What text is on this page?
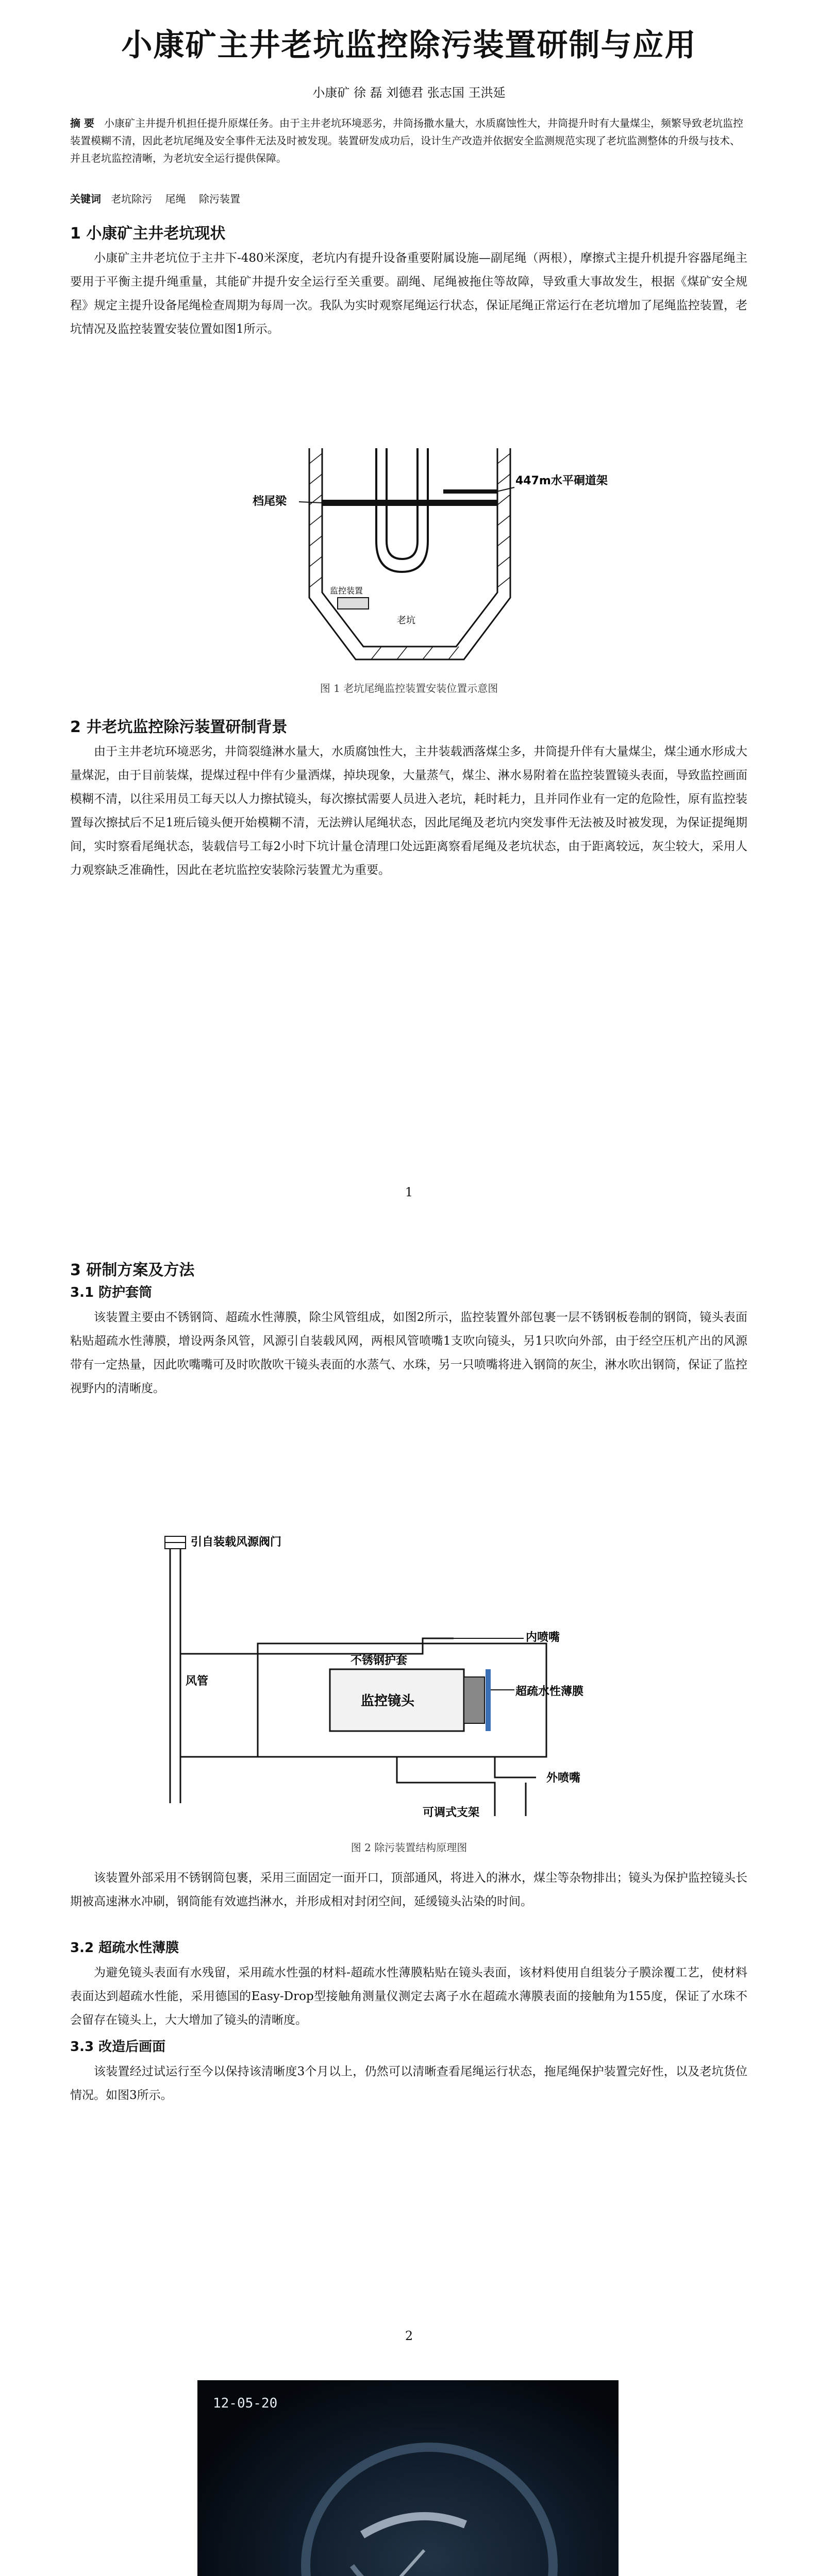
小康矿主井老坑监控除污装置研制与应用
小康矿 徐 磊 刘德君 张志国 王洪延
摘 要 小康矿主井提升机担任提升原煤任务。由于主井老坑环境恶劣，井筒扬撒水量大，水质腐蚀性大，井筒提升时有大量煤尘，频繁导致老坑监控装置模糊不清，因此老坑尾绳及安全事件无法及时被发现。装置研发成功后，设计生产改造并依据安全监测规范实现了老坑监测整体的升级与技术、并且老坑监控清晰，为老坑安全运行提供保障。
关键词 老坑除污 尾绳 除污装置
1 小康矿主井老坑现状
小康矿主井老坑位于主井下-480米深度，老坑内有提升设备重要附属设施—副尾绳（两根），摩擦式主提升机提升容器尾绳主要用于平衡主提升绳重量，其能矿井提升安全运行至关重要。副绳、尾绳被拖住等故障，导致重大事故发生，根据《煤矿安全规程》规定主提升设备尾绳检查周期为每周一次。我队为实时观察尾绳运行状态，保证尾绳正常运行在老坑增加了尾绳监控装置，老坑情况及监控装置安装位置如图1所示。
档尾梁
447m水平硐道架
监控装置
老坑
图 1 老坑尾绳监控装置安装位置示意图
2 井老坑监控除污装置研制背景
由于主井老坑环境恶劣，井筒裂缝淋水量大，水质腐蚀性大，主井装载洒落煤尘多，井筒提升伴有大量煤尘，煤尘通水形成大量煤泥，由于目前装煤，提煤过程中伴有少量洒煤，掉块现象，大量蒸气，煤尘、淋水易附着在监控装置镜头表面，导致监控画面模糊不清，以往采用员工每天以人力擦拭镜头，每次擦拭需要人员进入老坑，耗时耗力，且并同作业有一定的危险性，原有监控装置每次擦拭后不足1班后镜头便开始模糊不清，无法辨认尾绳状态，因此尾绳及老坑内突发事件无法被及时被发现，为保证提绳期间，实时察看尾绳状态，装载信号工每2小时下坑计量仓清理口处远距离察看尾绳及老坑状态，由于距离较远，灰尘较大，采用人力观察缺乏准确性，因此在老坑监控安装除污装置尤为重要。
1
3 研制方案及方法
3.1 防护套筒
该装置主要由不锈钢筒、超疏水性薄膜，除尘风管组成，如图2所示，监控装置外部包裹一层不锈钢板卷制的钢筒，镜头表面粘贴超疏水性薄膜，增设两条风管，风源引自装载风网，两根风管喷嘴1支吹向镜头，另1只吹向外部，由于经空压机产出的风源带有一定热量，因此吹嘴嘴可及时吹散吹干镜头表面的水蒸气、水珠，另一只喷嘴将进入钢筒的灰尘，淋水吹出钢筒，保证了监控视野内的清晰度。
引自装载风源阀门
风管
不锈钢护套
监控镜头
超疏水性薄膜
内喷嘴
外喷嘴
可调式支架
图 2 除污装置结构原理图
该装置外部采用不锈钢筒包裹，采用三面固定一面开口，顶部通风，将进入的淋水，煤尘等杂物排出；镜头为保护监控镜头长期被高速淋水冲刷，钢筒能有效遮挡淋水，并形成相对封闭空间，延缓镜头沾染的时间。
3.2 超疏水性薄膜
为避免镜头表面有水残留，采用疏水性强的材料-超疏水性薄膜粘贴在镜头表面，该材料使用自组装分子膜涂覆工艺，使材料表面达到超疏水性能，采用德国的Easy-Drop型接触角测量仪测定去离子水在超疏水薄膜表面的接触角为155度，保证了水珠不会留存在镜头上，大大增加了镜头的清晰度。
3.3 改造后画面
该装置经过试运行至今以保持该清晰度3个月以上，仍然可以清晰查看尾绳运行状态，拖尾绳保护装置完好性，以及老坑货位情况。如图3所示。
2
12-05-20
